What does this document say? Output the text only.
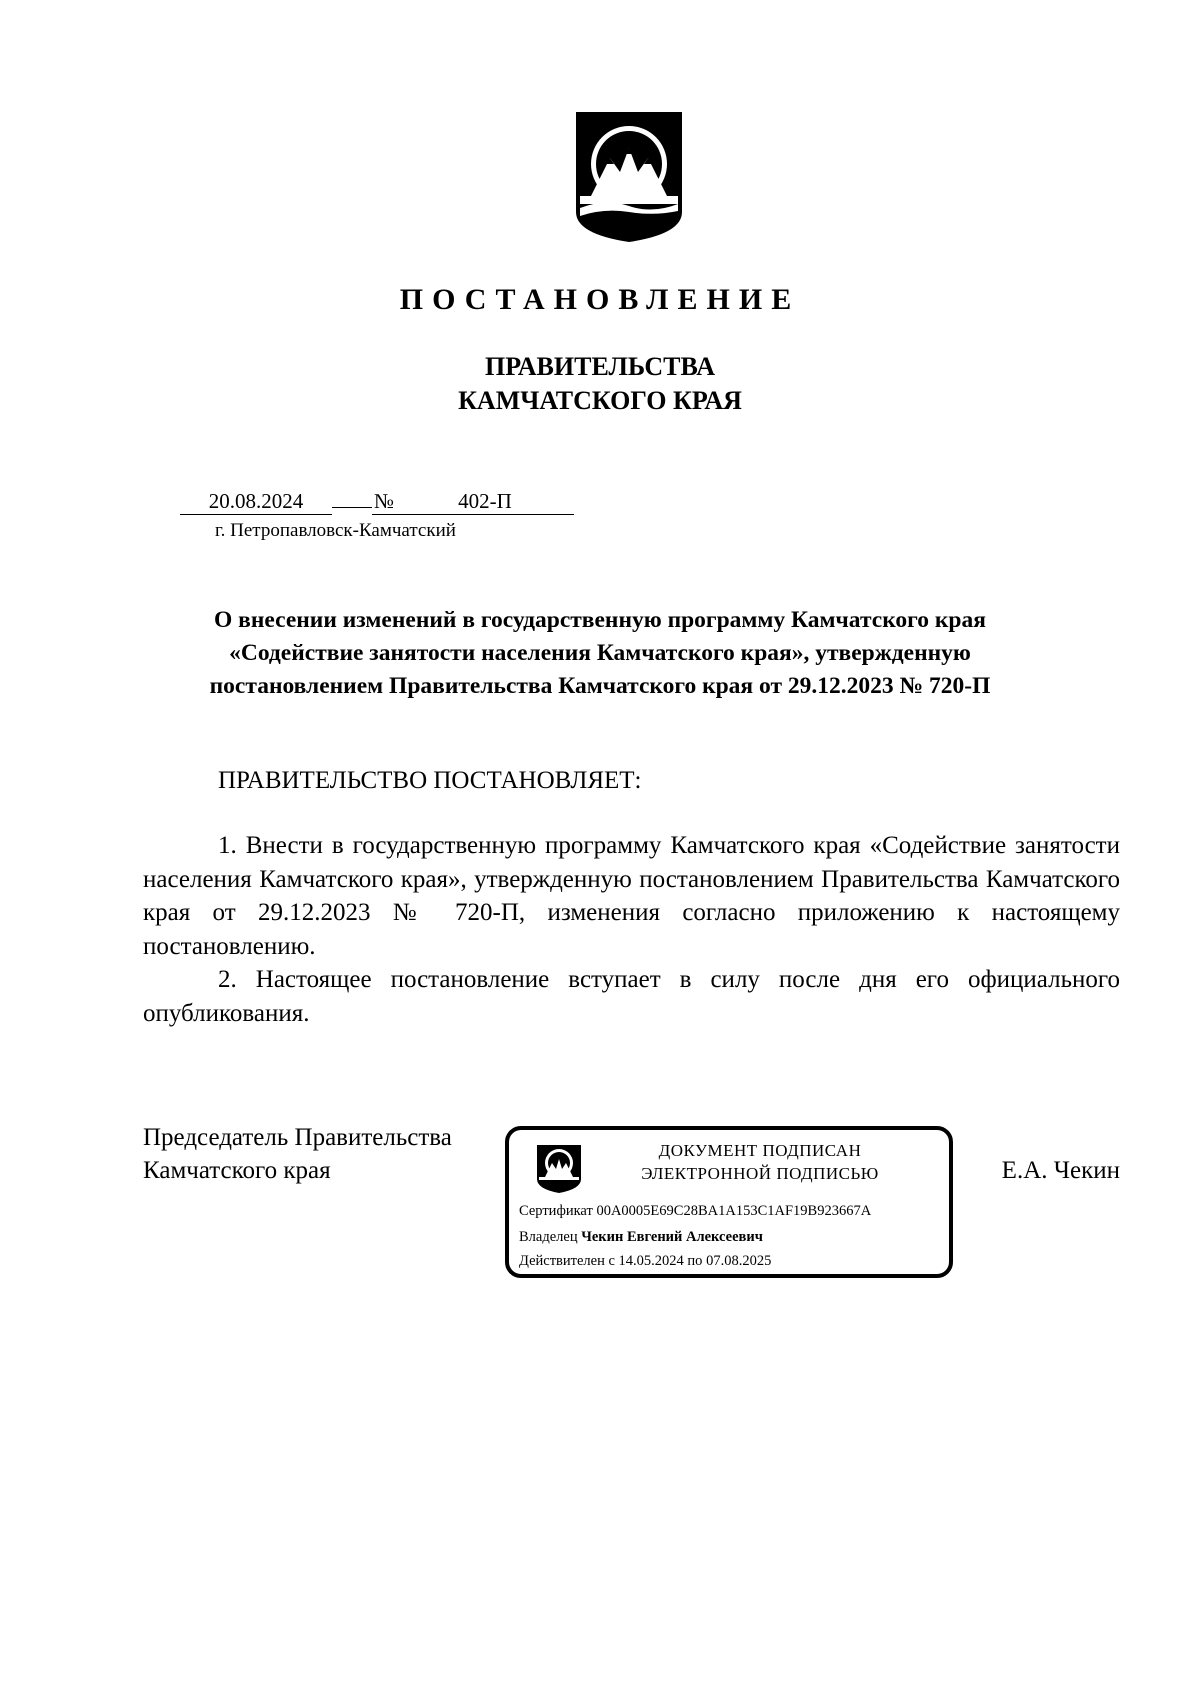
ПОСТАНОВЛЕНИЕ
ПРАВИТЕЛЬСТВА
КАМЧАТСКОГО КРАЯ
20.08.2024	№	402-П
г. Петропавловск-Камчатский
О внесении изменений в государственную программу Камчатского края
«Содействие занятости населения Камчатского края», утвержденную
постановлением Правительства Камчатского края от 29.12.2023 № 720-П
ПРАВИТЕЛЬСТВО ПОСТАНОВЛЯЕТ:
1. Внести в государственную программу Камчатского края «Содействие занятости населения Камчатского края», утвержденную постановлением Правительства Камчатского края от 29.12.2023 № 720-П, изменения согласно приложению к настоящему постановлению.
2. Настоящее постановление вступает в силу после дня его официального опубликования.
Председатель Правительства
Камчатского края	Е.А. Чекин
ДОКУМЕНТ ПОДПИСАН
ЭЛЕКТРОННОЙ ПОДПИСЬЮ
Сертификат 00A0005E69C28BA1A153C1AF19B923667A
Владелец Чекин Евгений Алексеевич
Действителен с 14.05.2024 по 07.08.2025
